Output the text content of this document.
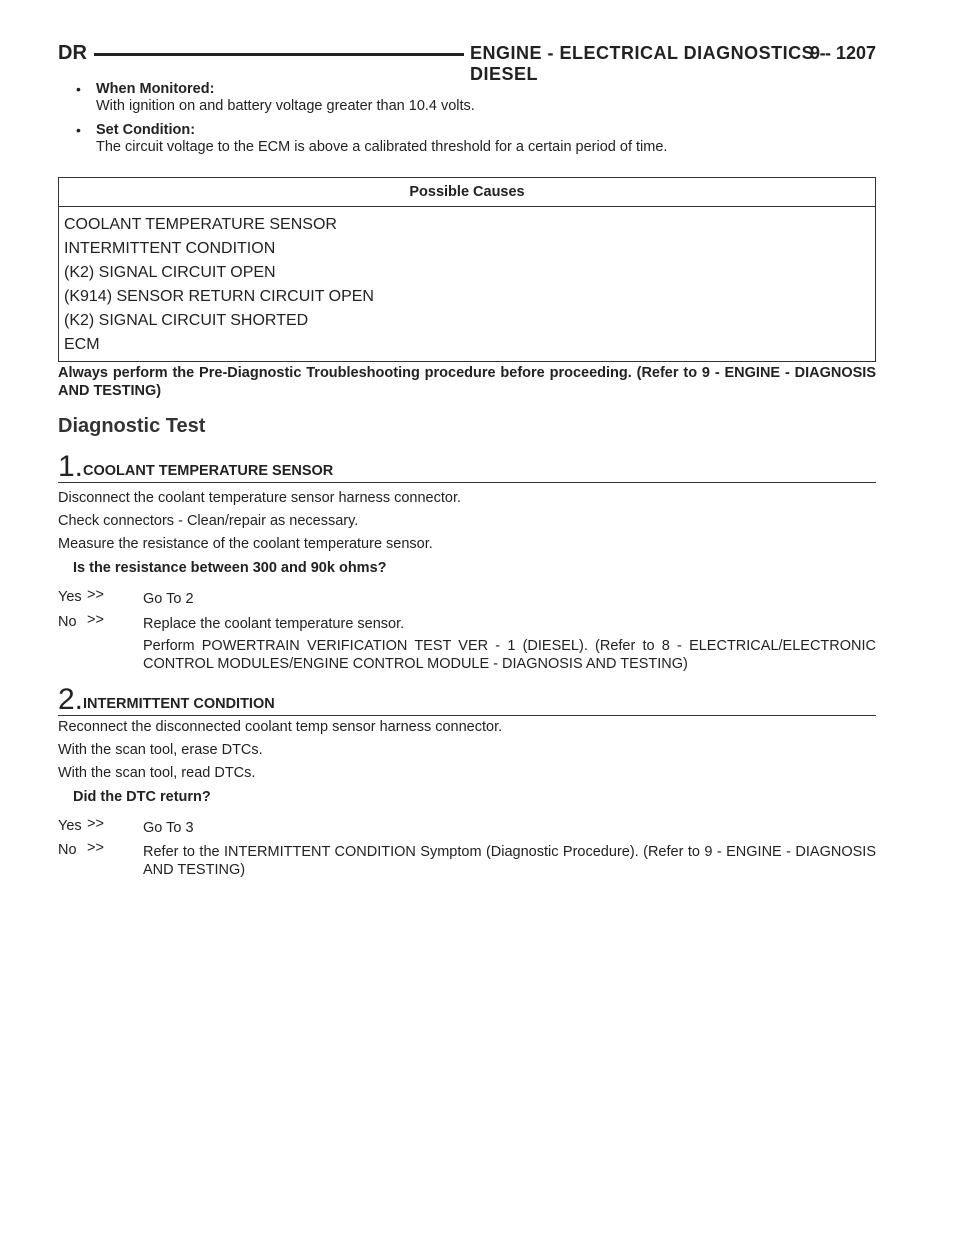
DR	ENGINE - ELECTRICAL DIAGNOSTICS - DIESEL
9 - 1207
• When Monitored:
With ignition on and battery voltage greater than 10.4 volts.
• Set Condition:
The circuit voltage to the ECM is above a calibrated threshold for a certain period of time.
Possible Causes
COOLANT TEMPERATURE SENSOR
INTERMITTENT CONDITION
(K2) SIGNAL CIRCUIT OPEN
(K914) SENSOR RETURN CIRCUIT OPEN
(K2) SIGNAL CIRCUIT SHORTED
ECM
Always perform the Pre-Diagnostic Troubleshooting procedure before proceeding. (Refer to 9 - ENGINE - DIAGNOSIS AND TESTING)
Diagnostic Test
1. COOLANT TEMPERATURE SENSOR
Disconnect the coolant temperature sensor harness connector.
Check connectors - Clean/repair as necessary.
Measure the resistance of the coolant temperature sensor.
Is the resistance between 300 and 90k ohms?
Yes >>	Go To 2
No >>	Replace the coolant temperature sensor.
Perform POWERTRAIN VERIFICATION TEST VER - 1 (DIESEL). (Refer to 8 - ELECTRICAL/ELECTRONIC CONTROL MODULES/ENGINE CONTROL MODULE - DIAGNOSIS AND TESTING)
2. INTERMITTENT CONDITION
Reconnect the disconnected coolant temp sensor harness connector.
With the scan tool, erase DTCs.
With the scan tool, read DTCs.
Did the DTC return?
Yes >>	Go To 3
No >>	Refer to the INTERMITTENT CONDITION Symptom (Diagnostic Procedure). (Refer to 9 - ENGINE - DIAGNOSIS AND TESTING)
